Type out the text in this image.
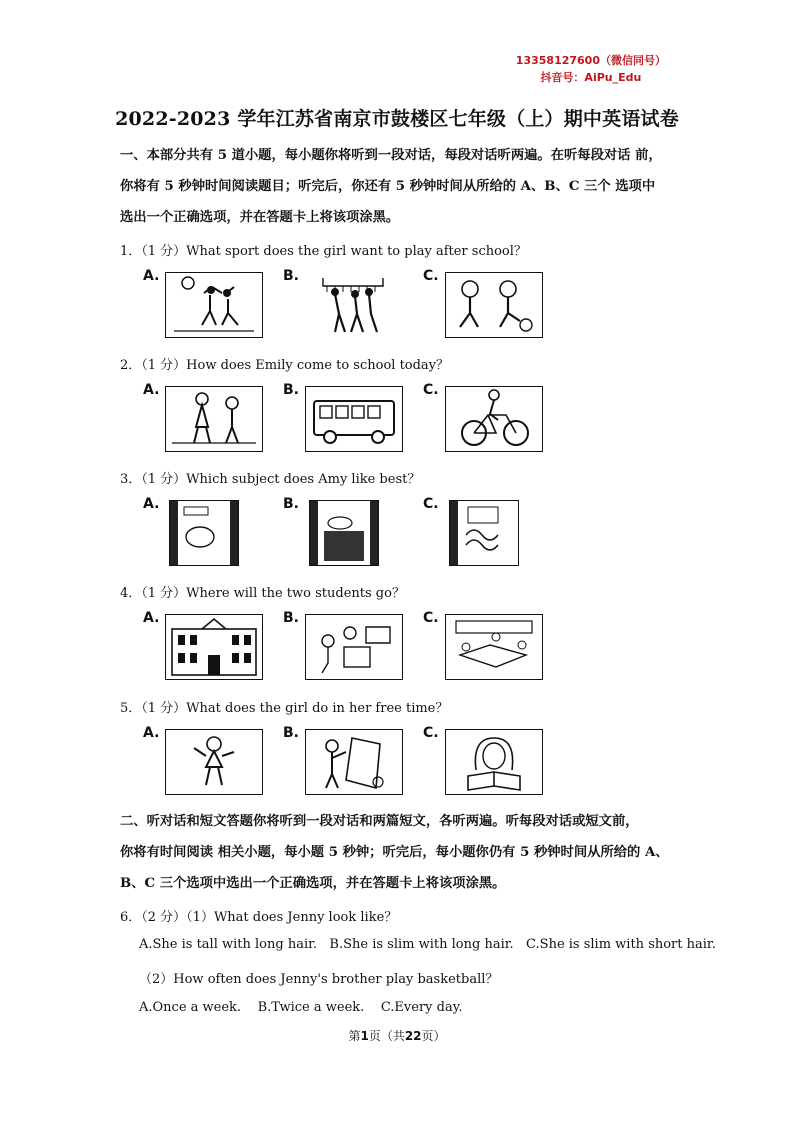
13358127600（微信同号）
抖音号：AiPu_Edu
2022-2023 学年江苏省南京市鼓楼区七年级（上）期中英语试卷
一、本部分共有 5 道小题，每小题你将听到一段对话，每段对话听两遍。在听每段对话 前，
你将有 5 秒钟时间阅读题目；听完后，你还有 5 秒钟时间从所给的 A、B、C 三个 选项中
选出一个正确选项，并在答题卡上将该项涂黑。
1．（1 分）What sport does the girl want to play after school？
A.	B.	C.
2．（1 分）How does Emily come to school today？
A.	B.	C.
3．（1 分）Which subject does Amy like best？
A.	B.	C.
4．（1 分）Where will the two students go？
A.	B.	C.
5．（1 分）What does the girl do in her free time？
A.	B.	C.
二、听对话和短文答题你将听到一段对话和两篇短文，各听两遍。听每段对话或短文前，
你将有时间阅读 相关小题，每小题 5 秒钟；听完后，每小题你仍有 5 秒钟时间从所给的 A、
B、C 三个选项中选出一个正确选项，并在答题卡上将该项涂黑。
6．（2 分）（1）What does Jenny look like？
A.She is tall with long hair.   B.She is slim with long hair.   C.She is slim with short hair.
（2）How often does Jenny's brother play basketball？
A.Once a week.    B.Twice a week.    C.Every day.
第1页（共22页）
